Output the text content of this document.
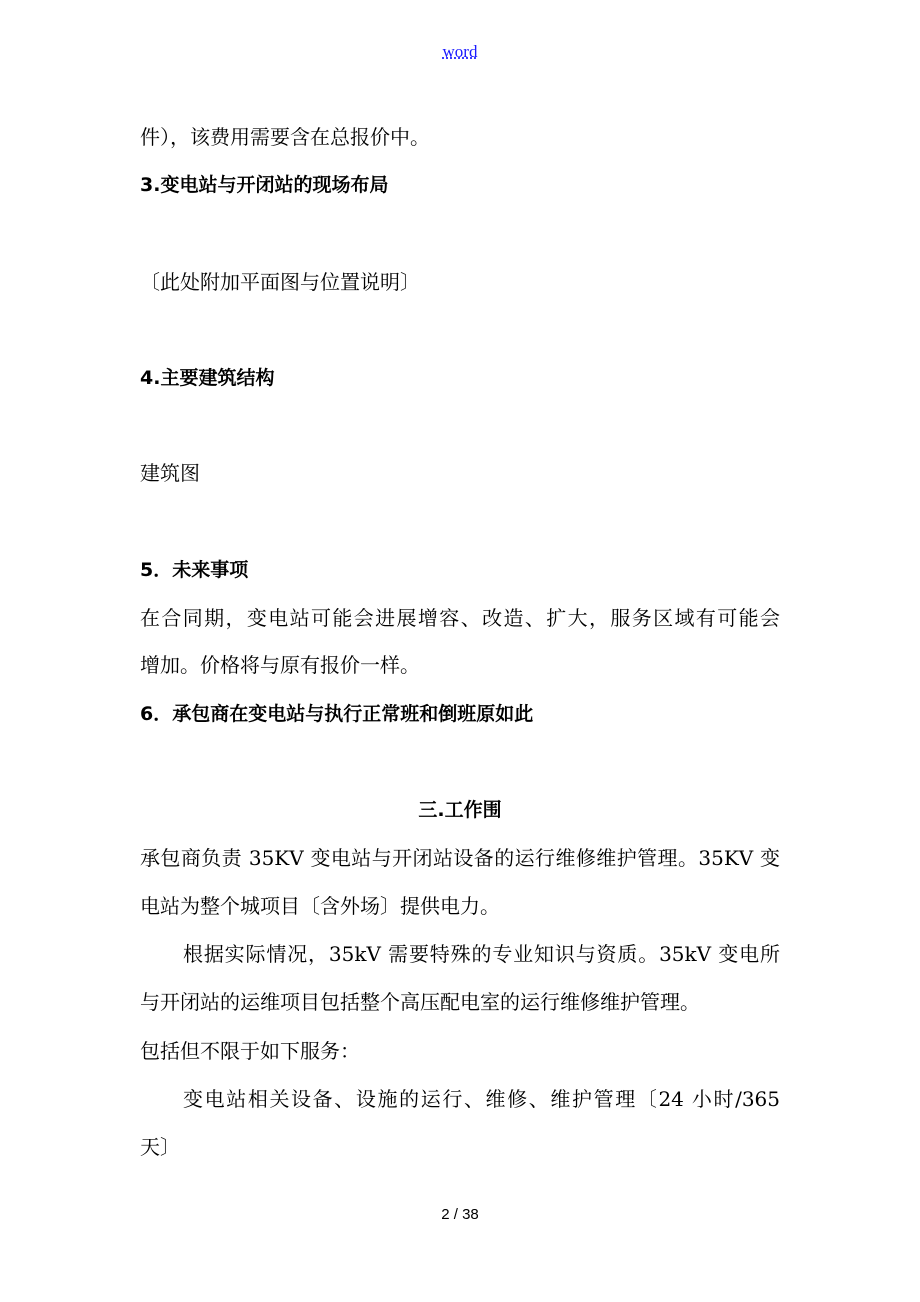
word
件），该费用需要含在总报价中。
3.变电站与开闭站的现场布局
〔此处附加平面图与位置说明〕
4.主要建筑结构
建筑图
5．未来事项
在合同期，变电站可能会进展增容、改造、扩大，服务区域有可能会
增加。价格将与原有报价一样。
6．承包商在变电站与执行正常班和倒班原如此
三.工作围
承包商负责 35KV 变电站与开闭站设备的运行维修维护管理。35KV 变
电站为整个城项目〔含外场〕提供电力。
根据实际情况，35kV 需要特殊的专业知识与资质。35kV 变电所
与开闭站的运维项目包括整个高压配电室的运行维修维护管理。
包括但不限于如下服务：
变电站相关设备、设施的运行、维修、维护管理〔24 小时/365
天〕
2 / 38
